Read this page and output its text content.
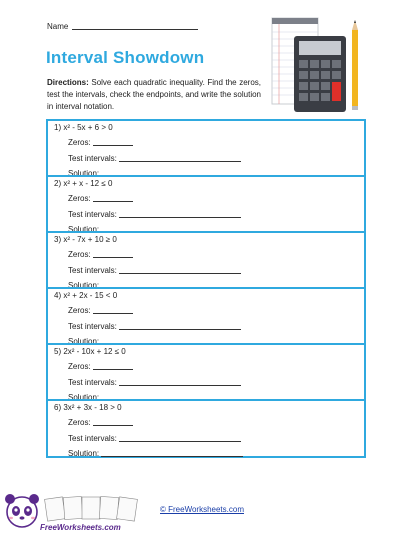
Name
Interval Showdown
Directions: Solve each quadratic inequality. Find the zeros, test the intervals, check the endpoints, and write the solution in interval notation.
1) x² - 5x + 6 > 0
Zeros:
Test intervals:
Solution:
2) x² + x - 12 ≤ 0
Zeros:
Test intervals:
Solution:
3) x² - 7x + 10 ≥ 0
Zeros:
Test intervals:
Solution:
4) x² + 2x - 15 < 0
Zeros:
Test intervals:
Solution:
5) 2x² - 10x + 12 ≤ 0
Zeros:
Test intervals:
Solution:
6) 3x² + 3x - 18 > 0
Zeros:
Test intervals:
Solution:
FreeWorksheets.com
© FreeWorksheets.com
